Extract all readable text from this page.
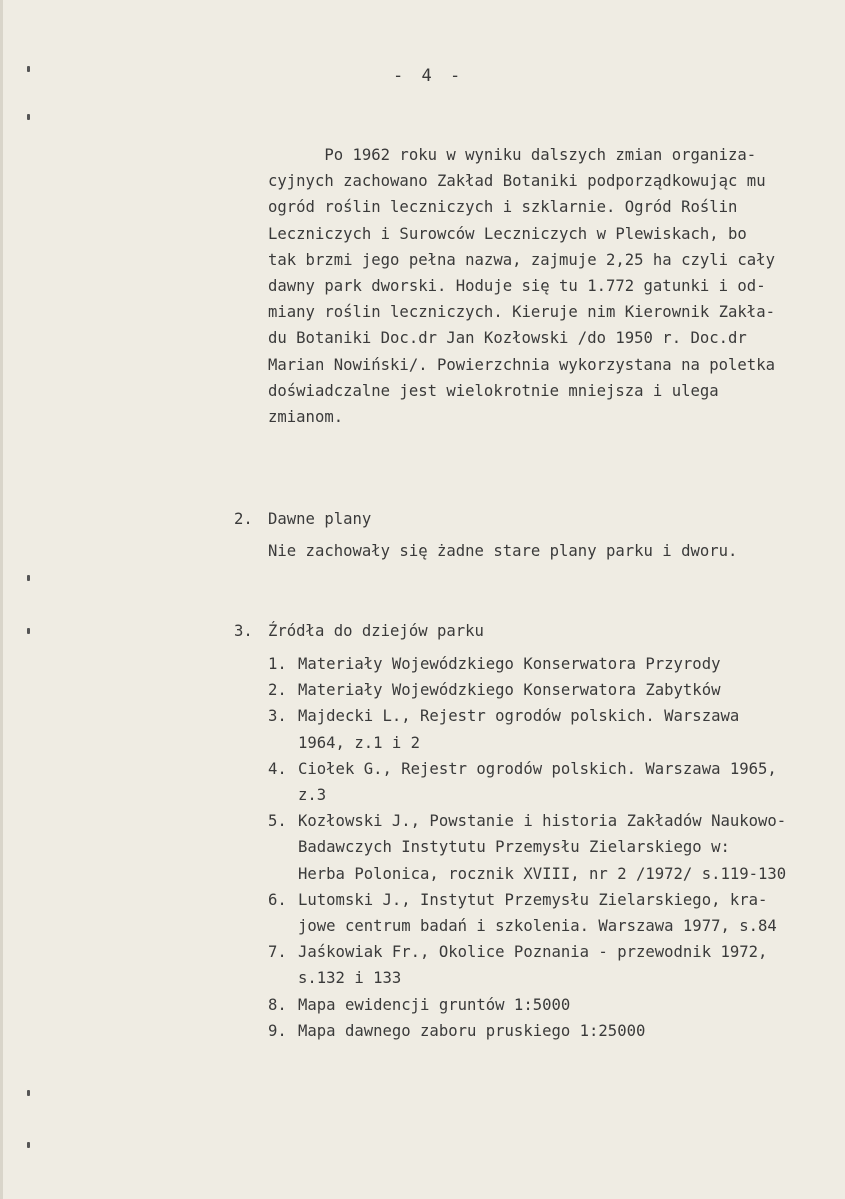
- 4 -
Po 1962 roku w wyniku dalszych zmian organiza-
cyjnych zachowano Zakład Botaniki podporządkowując mu
ogród roślin leczniczych i szklarnie. Ogród Roślin
Leczniczych i Surowców Leczniczych w Plewiskach, bo
tak brzmi jego pełna nazwa, zajmuje 2,25 ha czyli cały
dawny park dworski. Hoduje się tu 1.772 gatunki i od-
miany roślin leczniczych. Kieruje nim Kierownik Zakła-
du Botaniki Doc.dr Jan Kozłowski /do 1950 r. Doc.dr
Marian Nowiński/. Powierzchnia wykorzystana na poletka
doświadczalne jest wielokrotnie mniejsza i ulega
zmianom.
2. Dawne plany
Nie zachowały się żadne stare plany parku i dworu.
3. Źródła do dziejów parku
1. Materiały Wojewódzkiego Konserwatora Przyrody
2. Materiały Wojewódzkiego Konserwatora Zabytków
3. Majdecki L., Rejestr ogrodów polskich. Warszawa
1964, z.1 i 2
4. Ciołek G., Rejestr ogrodów polskich. Warszawa 1965,
z.3
5. Kozłowski J., Powstanie i historia Zakładów Naukowo-
Badawczych Instytutu Przemysłu Zielarskiego w:
Herba Polonica, rocznik XVIII, nr 2 /1972/ s.119-130
6. Lutomski J., Instytut Przemysłu Zielarskiego, kra-
jowe centrum badań i szkolenia. Warszawa 1977, s.84
7. Jaśkowiak Fr., Okolice Poznania - przewodnik 1972,
s.132 i 133
8. Mapa ewidencji gruntów 1:5000
9. Mapa dawnego zaboru pruskiego 1:25000
